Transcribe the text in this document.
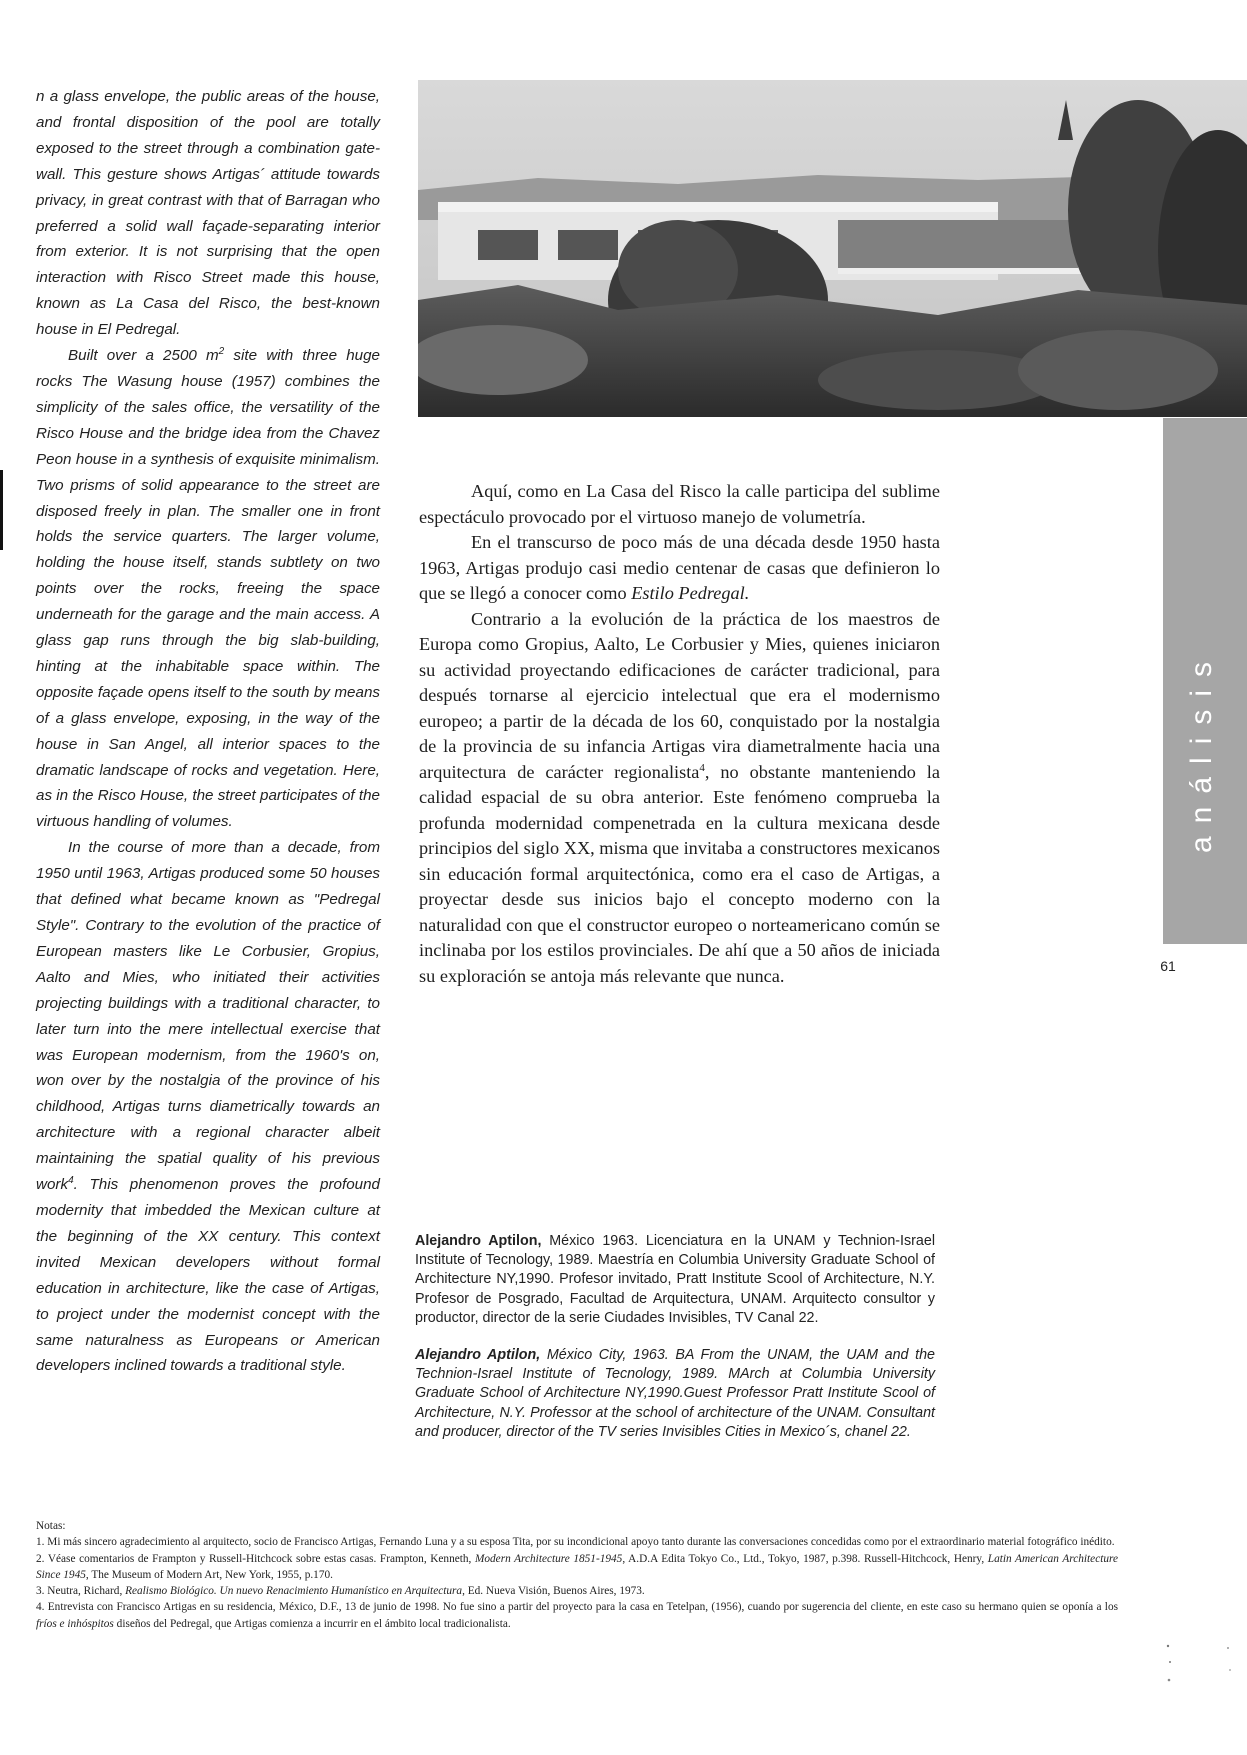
n a glass envelope, the public areas of the house, and frontal disposition of the pool are totally exposed to the street through a combination gate-wall. This gesture shows Artigas´ attitude towards privacy, in great contrast with that of Barragan who preferred a solid wall façade-separating interior from exterior. It is not surprising that the open interaction with Risco Street made this house, known as La Casa del Risco, the best-known house in El Pedregal.

Built over a 2500 $m^2$ site with three huge rocks The Wasung house (1957) combines the simplicity of the sales office, the versatility of the Risco House and the bridge idea from the Chavez Peon house in a synthesis of exquisite minimalism. Two prisms of solid appearance to the street are disposed freely in plan. The smaller one in front holds the service quarters. The larger volume, holding the house itself, stands subtlety on two points over the rocks, freeing the space underneath for the garage and the main access. A glass gap runs through the big slab-building, hinting at the inhabitable space within. The opposite façade opens itself to the south by means of a glass envelope, exposing, in the way of the house in San Angel, all interior spaces to the dramatic landscape of rocks and vegetation. Here, as in the Risco House, the street participates of the virtuous handling of volumes.

In the course of more than a decade, from 1950 until 1963, Artigas produced some 50 houses that defined what became known as "Pedregal Style". Contrary to the evolution of the practice of European masters like Le Corbusier, Gropius, Aalto and Mies, who initiated their activities projecting buildings with a traditional character, to later turn into the mere intellectual exercise that was European modernism, from the 1960's on, won over by the nostalgia of the province of his childhood, Artigas turns diametrically towards an architecture with a regional character albeit maintaining the spatial quality of his previous work$^4$. This phenomenon proves the profound modernity that imbedded the Mexican culture at the beginning of the XX century. This context invited Mexican developers without formal education in architecture, like the case of Artigas, to project under the modernist concept with the same naturalness as Europeans or American developers inclined towards a traditional style.

análisis
61

Aquí, como en La Casa del Risco la calle participa del sublime espectáculo provocado por el virtuoso manejo de volumetría.

En el transcurso de poco más de una década desde 1950 hasta 1963, Artigas produjo casi medio centenar de casas que definieron lo que se llegó a conocer como Estilo Pedregal.

Contrario a la evolución de la práctica de los maestros de Europa como Gropius, Aalto, Le Corbusier y Mies, quienes iniciaron su actividad proyectando edificaciones de carácter tradicional, para después tornarse al ejercicio intelectual que era el modernismo europeo; a partir de la década de los 60, conquistado por la nostalgia de la provincia de su infancia Artigas vira diametralmente hacia una arquitectura de carácter regionalista$^4$, no obstante manteniendo la calidad espacial de su obra anterior. Este fenómeno comprueba la profunda modernidad compenetrada en la cultura mexicana desde principios del siglo XX, misma que invitaba a constructores mexicanos sin educación formal arquitectónica, como era el caso de Artigas, a proyectar desde sus inicios bajo el concepto moderno con la naturalidad con que el constructor europeo o norteamericano común se inclinaba por los estilos provinciales. De ahí que a 50 años de iniciada su exploración se antoja más relevante que nunca.

Alejandro Aptilon, México 1963. Licenciatura en la UNAM y Technion-Israel Institute of Tecnology, 1989. Maestría en Columbia University Graduate School of Architecture NY,1990. Profesor invitado, Pratt Institute Scool of Architecture, N.Y. Profesor de Posgrado, Facultad de Arquitectura, UNAM. Arquitecto consultor y productor, director de la serie Ciudades Invisibles, TV Canal 22.

Alejandro Aptilon, México City, 1963. BA From the UNAM, the UAM and the Technion-Israel Institute of Tecnology, 1989. MArch at Columbia University Graduate School of Architecture NY,1990.Guest Professor Pratt Institute Scool of Architecture, N.Y. Professor at the school of architecture of the UNAM. Consultant and producer, director of the TV series Invisibles Cities in Mexico´s, chanel 22.

Notas:

1. Mi más sincero agradecimiento al arquitecto, socio de Francisco Artigas, Fernando Luna y a su esposa Tita, por su incondicional apoyo tanto durante las conversaciones concedidas como por el extraordinario material fotográfico inédito.

2. Véase comentarios de Frampton y Russell-Hitchcock sobre estas casas. Frampton, Kenneth, Modern Architecture 1851-1945, A.D.A Edita Tokyo Co., Ltd., Tokyo, 1987, p.398. Russell-Hitchcock, Henry, Latin American Architecture Since 1945, The Museum of Modern Art, New York, 1955, p.170.

3. Neutra, Richard, Realismo Biológico. Un nuevo Renacimiento Humanístico en Arquitectura, Ed. Nueva Visión, Buenos Aires, 1973.

4. Entrevista con Francisco Artigas en su residencia, México, D.F., 13 de junio de 1998. No fue sino a partir del proyecto para la casa en Tetelpan, (1956), cuando por sugerencia del cliente, en este caso su hermano quien se oponía a los fríos e inhóspitos diseños del Pedregal, que Artigas comienza a incurrir en el ámbito local tradicionalista.
